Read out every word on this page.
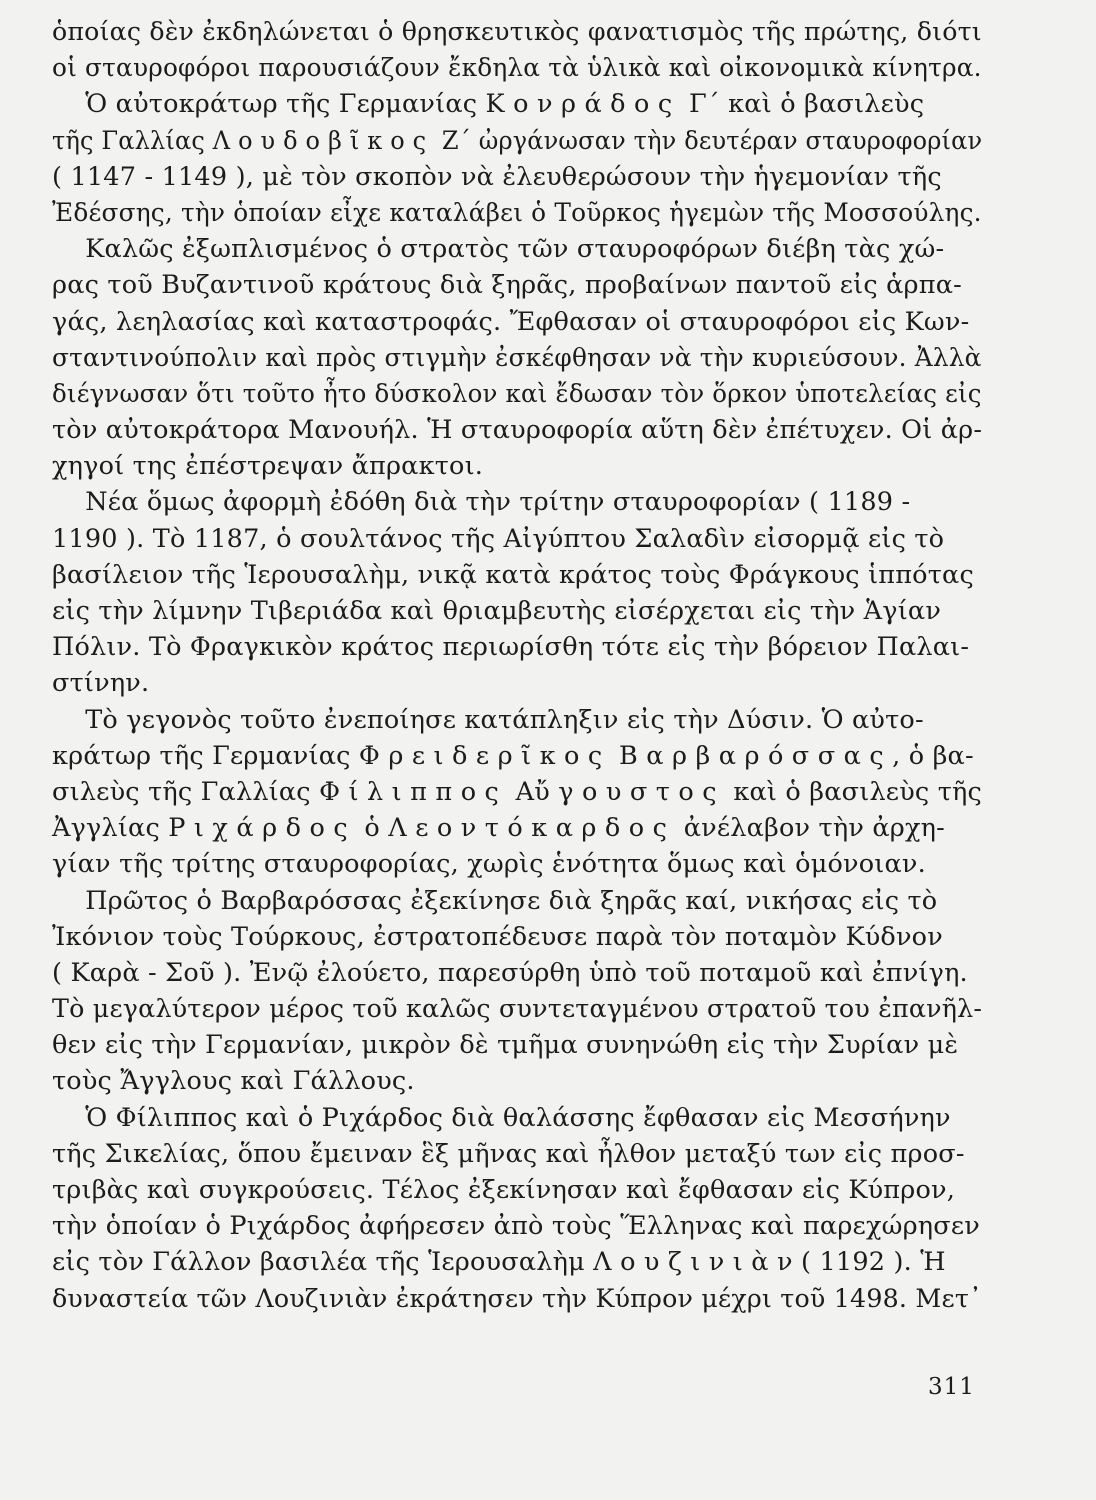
ὁποίας δὲν ἐκδηλώνεται ὁ θρησκευτικὸς φανατισμὸς τῆς πρώτης, διότι
οἱ σταυροφόροι παρουσιάζουν ἔκδηλα τὰ ὑλικὰ καὶ οἰκονομικὰ κίνητρα.
Ὁ αὐτοκράτωρ τῆς Γερμανίας Κ ο ν ρ ά δ ο ς  Γ΄ καὶ ὁ βασιλεὺς
τῆς Γαλλίας Λ ο υ δ ο β ῖ κ ο ς  Ζ΄ ὠργάνωσαν τὴν δευτέραν σταυροφορίαν
( 1147 - 1149 ), μὲ τὸν σκοπὸν νὰ ἐλευθερώσουν τὴν ἡγεμονίαν τῆς
Ἐδέσσης, τὴν ὁποίαν εἶχε καταλάβει ὁ Τοῦρκος ἡγεμὼν τῆς Μοσσούλης.
Καλῶς ἐξωπλισμένος ὁ στρατὸς τῶν σταυροφόρων διέβη τὰς χώ-
ρας τοῦ Βυζαντινοῦ κράτους διὰ ξηρᾶς, προβαίνων παντοῦ εἰς ἁρπα-
γάς, λεηλασίας καὶ καταστροφάς. Ἔφθασαν οἱ σταυροφόροι εἰς Κων-
σταντινούπολιν καὶ πρὸς στιγμὴν ἐσκέφθησαν νὰ τὴν κυριεύσουν. Ἀλλὰ
διέγνωσαν ὅτι τοῦτο ἦτο δύσκολον καὶ ἔδωσαν τὸν ὅρκον ὑποτελείας εἰς
τὸν αὐτοκράτορα Μανουήλ. Ἡ σταυροφορία αὕτη δὲν ἐπέτυχεν. Οἱ ἀρ-
χηγοί της ἐπέστρεψαν ἄπρακτοι.
Νέα ὅμως ἀφορμὴ ἐδόθη διὰ τὴν τρίτην σταυροφορίαν ( 1189 -
1190 ). Τὸ 1187, ὁ σουλτάνος τῆς Αἰγύπτου Σαλαδὶν εἰσορμᾷ εἰς τὸ
βασίλειον τῆς Ἱερουσαλὴμ, νικᾷ κατὰ κράτος τοὺς Φράγκους ἱππότας
εἰς τὴν λίμνην Τιβεριάδα καὶ θριαμβευτὴς εἰσέρχεται εἰς τὴν Ἁγίαν
Πόλιν. Τὸ Φραγκικὸν κράτος περιωρίσθη τότε εἰς τὴν βόρειον Παλαι-
στίνην.
Τὸ γεγονὸς τοῦτο ἐνεποίησε κατάπληξιν εἰς τὴν Δύσιν. Ὁ αὐτο-
κράτωρ τῆς Γερμανίας Φ ρ ε ι δ ε ρ ῖ κ ο ς  Β α ρ β α ρ ό σ σ α ς , ὁ βα-
σιλεὺς τῆς Γαλλίας Φ ί λ ι π π ο ς  Αὔ γ ο υ σ τ ο ς  καὶ ὁ βασιλεὺς τῆς
Ἀγγλίας Ρ ι χ ά ρ δ ο ς  ὁ Λ ε ο ν τ ό κ α ρ δ ο ς  ἀνέλαβον τὴν ἀρχη-
γίαν τῆς τρίτης σταυροφορίας, χωρὶς ἑνότητα ὅμως καὶ ὁμόνοιαν.
Πρῶτος ὁ Βαρβαρόσσας ἐξεκίνησε διὰ ξηρᾶς καί, νικήσας εἰς τὸ
Ἰκόνιον τοὺς Τούρκους, ἐστρατοπέδευσε παρὰ τὸν ποταμὸν Κύδνον
( Καρὰ - Σοῦ ). Ἐνῷ ἐλούετο, παρεσύρθη ὑπὸ τοῦ ποταμοῦ καὶ ἐπνίγη.
Τὸ μεγαλύτερον μέρος τοῦ καλῶς συντεταγμένου στρατοῦ του ἐπανῆλ-
θεν εἰς τὴν Γερμανίαν, μικρὸν δὲ τμῆμα συνηνώθη εἰς τὴν Συρίαν μὲ
τοὺς Ἄγγλους καὶ Γάλλους.
Ὁ Φίλιππος καὶ ὁ Ριχάρδος διὰ θαλάσσης ἔφθασαν εἰς Μεσσήνην
τῆς Σικελίας, ὅπου ἔμειναν ἓξ μῆνας καὶ ἦλθον μεταξύ των εἰς προσ-
τριβὰς καὶ συγκρούσεις. Τέλος ἐξεκίνησαν καὶ ἔφθασαν εἰς Κύπρον,
τὴν ὁποίαν ὁ Ριχάρδος ἀφήρεσεν ἀπὸ τοὺς Ἕλληνας καὶ παρεχώρησεν
εἰς τὸν Γάλλον βασιλέα τῆς Ἱερουσαλὴμ Λ ο υ ζ ι ν ι ὰ ν ( 1192 ). Ἡ
δυναστεία τῶν Λουζινιὰν ἐκράτησεν τὴν Κύπρον μέχρι τοῦ 1498. Μετ᾿
311
